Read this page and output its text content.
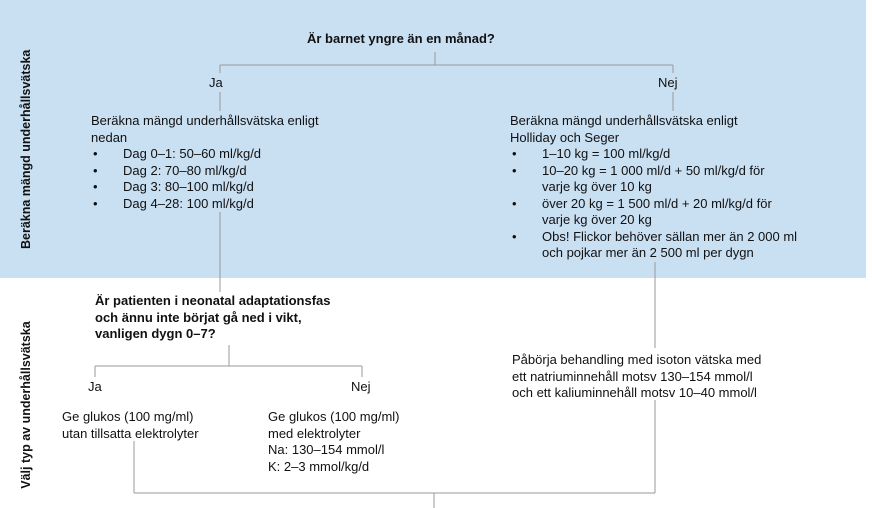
Beräkna mängd underhållsvätska
Välj typ av underhållsvätska
Är barnet yngre än en månad?
Ja	Nej
Beräkna mängd underhållsvätska enligt
nedan
• Dag 0–1: 50–60 ml/kg/d
• Dag 2: 70–80 ml/kg/d
• Dag 3: 80–100 ml/kg/d
• Dag 4–28: 100 ml/kg/d
Beräkna mängd underhållsvätska enligt
Holliday och Seger
• 1–10 kg = 100 ml/kg/d
• 10–20 kg = 1 000 ml/d + 50 ml/kg/d för
varje kg över 10 kg
• över 20 kg = 1 500 ml/d + 20 ml/kg/d för
varje kg över 20 kg
• Obs! Flickor behöver sällan mer än 2 000 ml
och pojkar mer än 2 500 ml per dygn
Är patienten i neonatal adaptationsfas
och ännu inte börjat gå ned i vikt,
vanligen dygn 0–7?
Ja	Nej
Ge glukos (100 mg/ml)
utan tillsatta elektrolyter
Ge glukos (100 mg/ml)
med elektrolyter
Na: 130–154 mmol/l
K: 2–3 mmol/kg/d
Påbörja behandling med isoton vätska med
ett natriuminnehåll motsv 130–154 mmol/l
och ett kaliuminnehåll motsv 10–40 mmol/l
